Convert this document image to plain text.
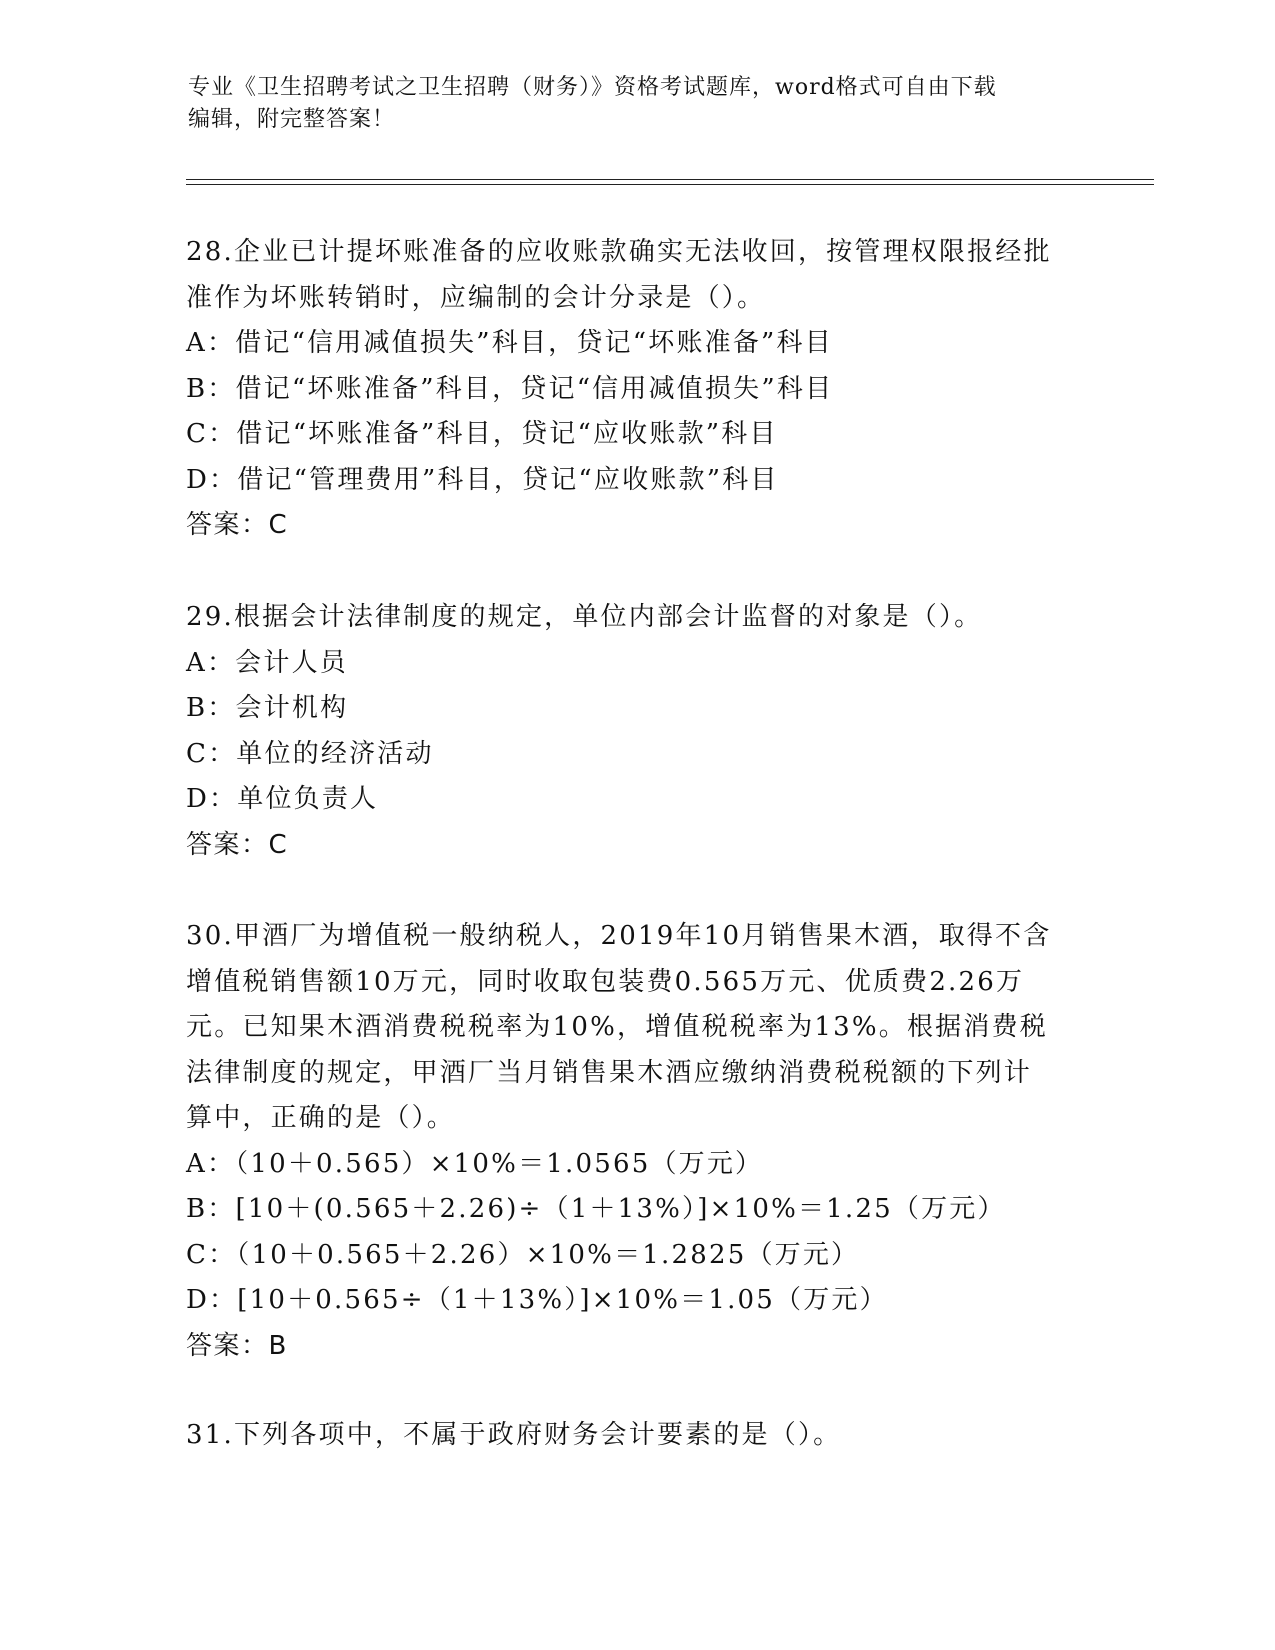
专业《卫生招聘考试之卫生招聘（财务）》资格考试题库，word格式可自由下载
编辑，附完整答案！

28.企业已计提坏账准备的应收账款确实无法收回，按管理权限报经批

准作为坏账转销时，应编制的会计分录是（）。

A：借记“信用减值损失”科目，贷记“坏账准备”科目

B：借记“坏账准备”科目，贷记“信用减值损失”科目

C：借记“坏账准备”科目，贷记“应收账款”科目

D：借记“管理费用”科目，贷记“应收账款”科目

答案：C

29.根据会计法律制度的规定，单位内部会计监督的对象是（）。

A：会计人员

B：会计机构

C：单位的经济活动

D：单位负责人

答案：C

30.甲酒厂为增值税一般纳税人，2019年10月销售果木酒，取得不含

增值税销售额10万元，同时收取包装费0.565万元、优质费2.26万

元。已知果木酒消费税税率为10%，增值税税率为13%。根据消费税

法律制度的规定，甲酒厂当月销售果木酒应缴纳消费税税额的下列计

算中，正确的是（）。

A：（10＋0.565）×10%＝1.0565（万元）

B：[10＋(0.565＋2.26)÷（1＋13%）]×10%＝1.25（万元）

C：（10＋0.565＋2.26）×10%＝1.2825（万元）

D：[10＋0.565÷（1＋13%）]×10%＝1.05（万元）

答案：B

31.下列各项中，不属于政府财务会计要素的是（）。
